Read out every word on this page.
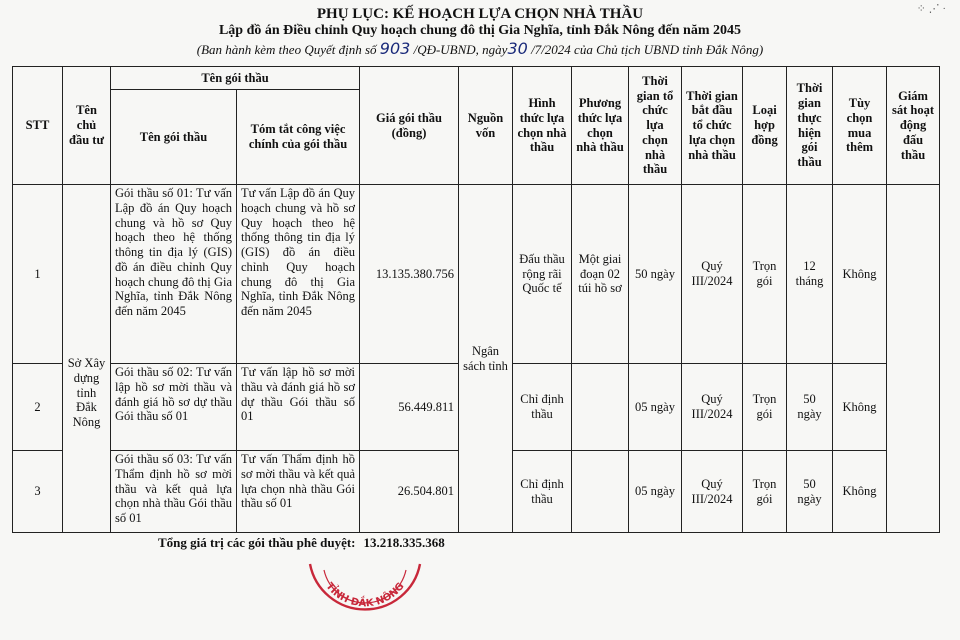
⁘ ⋰ ·
PHỤ LỤC: KẾ HOẠCH LỰA CHỌN NHÀ THẦU
Lập đồ án Điều chỉnh Quy hoạch chung đô thị Gia Nghĩa, tỉnh Đắk Nông đến năm 2045
(Ban hành kèm theo Quyết định số 903 /QĐ-UBND, ngày30 /7/2024 của Chủ tịch UBND tỉnh Đắk Nông)
STT	Tên chủ đầu tư	Tên gói thầu		Giá gói thầu (đồng)	Nguồn vốn	Hình thức lựa chọn nhà thầu	Phương thức lựa chọn nhà thầu	Thời gian tổ chức lựa chọn nhà thầu	Thời gian bắt đầu tổ chức lựa chọn nhà thầu	Loại hợp đồng	Thời gian thực hiện gói thầu	Tùy chọn mua thêm	Giám sát hoạt động đấu thầu
		Tên gói thầu	Tóm tắt công việc chính của gói thầu										
1	Sở Xây dựng tỉnh Đắk Nông	Gói thầu số 01: Tư vấn Lập đồ án Quy hoạch chung và hồ sơ Quy hoạch theo hệ thống thông tin địa lý (GIS) đồ án điều chỉnh Quy hoạch chung đô thị Gia Nghĩa, tỉnh Đắk Nông đến năm 2045	Tư vấn Lập đồ án Quy hoạch chung và hồ sơ Quy hoạch theo hệ thống thông tin địa lý (GIS) đồ án điều chỉnh Quy hoạch chung đô thị Gia Nghĩa, tỉnh Đắk Nông đến năm 2045	13.135.380.756	Ngân sách tỉnh	Đấu thầu rộng rãi Quốc tế	Một giai đoạn 02 túi hồ sơ	50 ngày	Quý III/2024	Trọn gói	12 tháng	Không	
2		Gói thầu số 02: Tư vấn lập hồ sơ mời thầu và đánh giá hồ sơ dự thầu Gói thầu số 01	Tư vấn lập hồ sơ mời thầu và đánh giá hồ sơ dự thầu Gói thầu số 01	56.449.811		Chỉ định thầu		05 ngày	Quý III/2024	Trọn gói	50 ngày	Không	
3		Gói thầu số 03: Tư vấn Thẩm định hồ sơ mời thầu và kết quả lựa chọn nhà thầu Gói thầu số 01	Tư vấn Thẩm định hồ sơ mời thầu và kết quả lựa chọn nhà thầu Gói thầu số 01	26.504.801		Chỉ định thầu		05 ngày	Quý III/2024	Trọn gói	50 ngày	Không	
Tổng giá trị các gói thầu phê duyệt:				13.218.335.368									
TỈNH ĐẮK NÔNG
